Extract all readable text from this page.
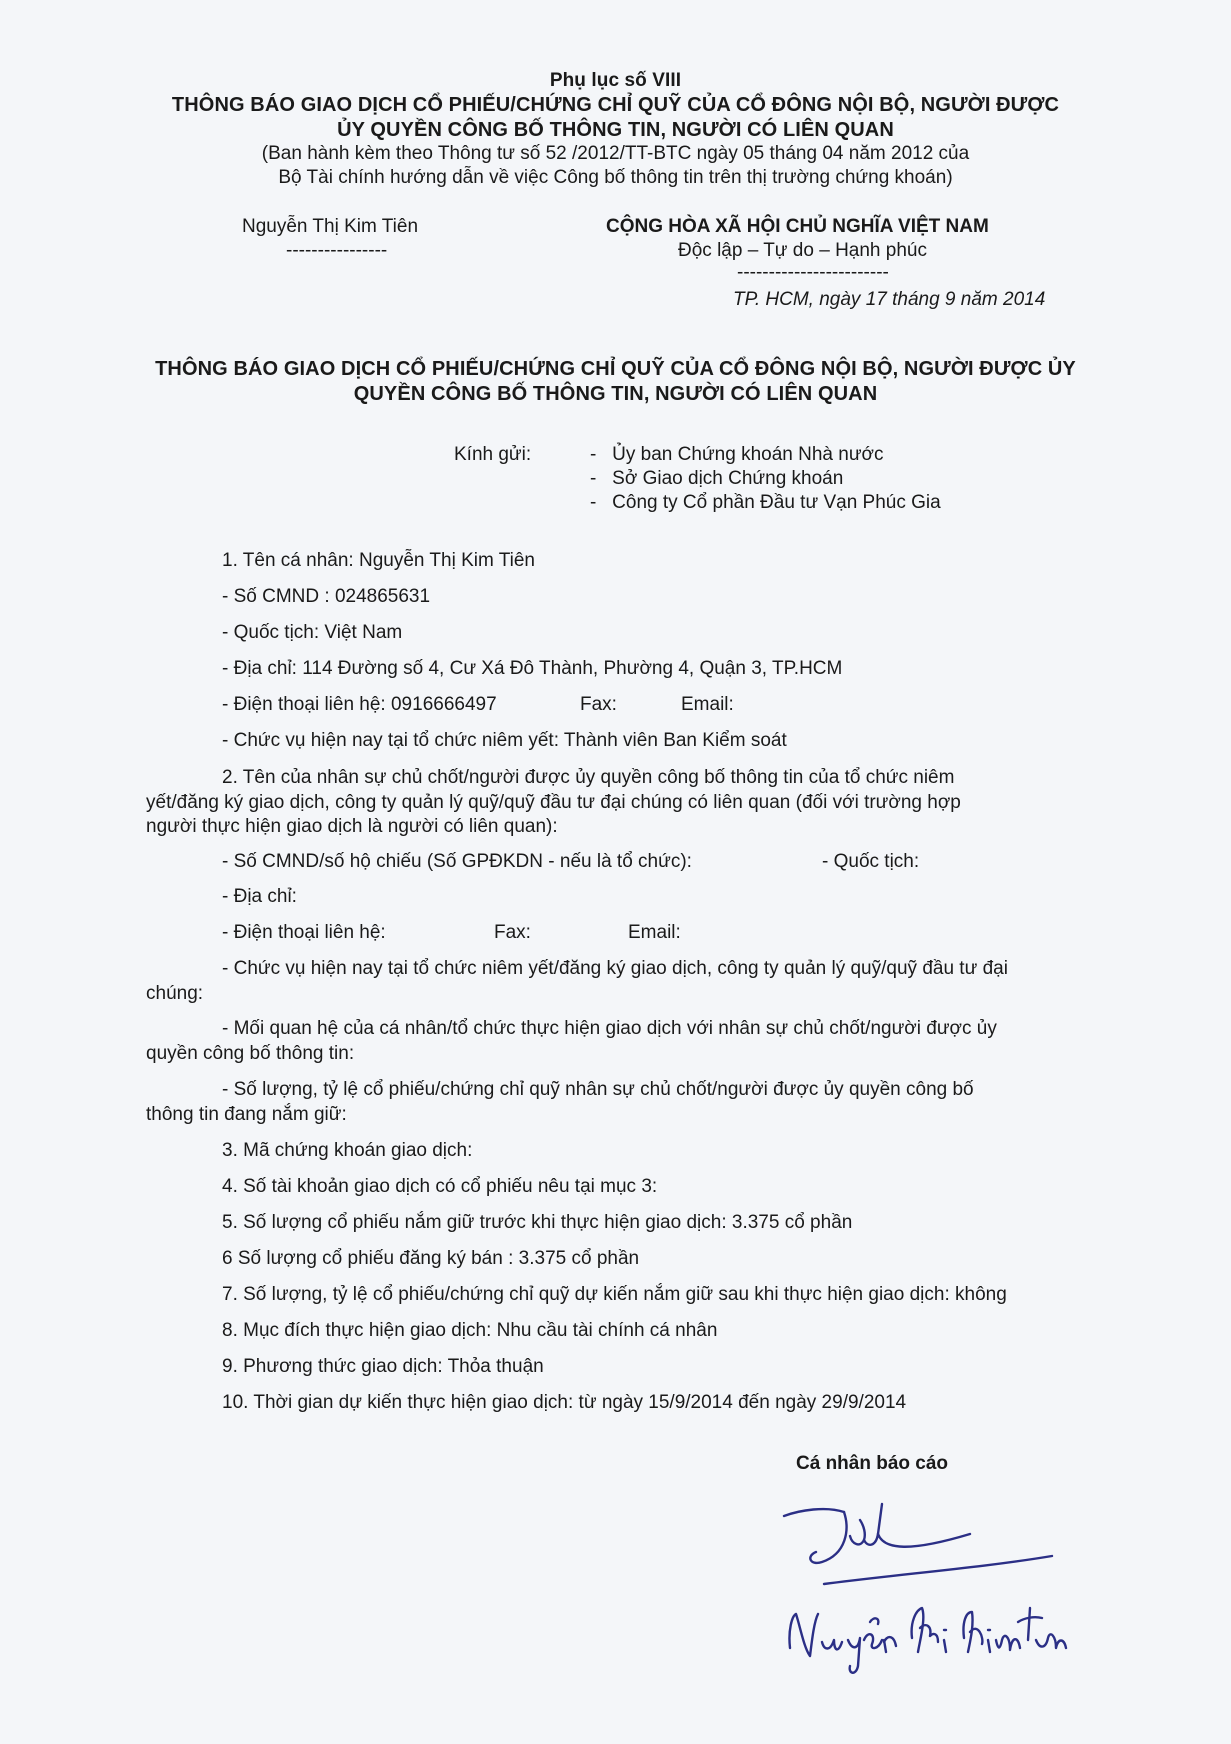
Phụ lục số VIII
THÔNG BÁO GIAO DỊCH CỔ PHIẾU/CHỨNG CHỈ QUỸ CỦA CỔ ĐÔNG NỘI BỘ, NGƯỜI ĐƯỢC
ỦY QUYỀN CÔNG BỐ THÔNG TIN, NGƯỜI CÓ LIÊN QUAN
(Ban hành kèm theo Thông tư số 52 /2012/TT-BTC ngày 05 tháng 04 năm 2012 của
Bộ Tài chính hướng dẫn về việc Công bố thông tin trên thị trường chứng khoán)
Nguyễn Thị Kim Tiên
----------------
CỘNG HÒA XÃ HỘI CHỦ NGHĨA VIỆT NAM
Độc lập – Tự do – Hạnh phúc
------------------------
TP. HCM, ngày 17 tháng 9 năm 2014
THÔNG BÁO GIAO DỊCH CỔ PHIẾU/CHỨNG CHỈ QUỸ CỦA CỔ ĐÔNG NỘI BỘ, NGƯỜI ĐƯỢC ỦY
QUYỀN CÔNG BỐ THÔNG TIN, NGƯỜI CÓ LIÊN QUAN
Kính gửi:	-   Ủy ban Chứng khoán Nhà nước
-   Sở Giao dịch Chứng khoán
-   Công ty Cổ phần Đầu tư Vạn Phúc Gia
1. Tên cá nhân: Nguyễn Thị Kim Tiên
- Số CMND : 024865631
- Quốc tịch: Việt Nam
- Địa chỉ: 114 Đường số 4, Cư Xá Đô Thành, Phường 4, Quận 3, TP.HCM
- Điện thoại liên hệ: 0916666497	Fax:	Email:
- Chức vụ hiện nay tại tổ chức niêm yết: Thành viên Ban Kiểm soát
2. Tên của nhân sự chủ chốt/người được ủy quyền công bố thông tin của tổ chức niêm
yết/đăng ký giao dịch, công ty quản lý quỹ/quỹ đầu tư đại chúng có liên quan (đối với trường hợp
người thực hiện giao dịch là người có liên quan):
- Số CMND/số hộ chiếu (Số GPĐKDN - nếu là tổ chức):	- Quốc tịch:
- Địa chỉ:
- Điện thoại liên hệ:	Fax:	Email:
- Chức vụ hiện nay tại tổ chức niêm yết/đăng ký giao dịch, công ty quản lý quỹ/quỹ đầu tư đại
chúng:
- Mối quan hệ của cá nhân/tổ chức thực hiện giao dịch với nhân sự chủ chốt/người được ủy
quyền công bố thông tin:
- Số lượng, tỷ lệ cổ phiếu/chứng chỉ quỹ nhân sự chủ chốt/người được ủy quyền công bố
thông tin đang nắm giữ:
3. Mã chứng khoán giao dịch:
4. Số tài khoản giao dịch có cổ phiếu nêu tại mục 3:
5. Số lượng cổ phiếu nắm giữ trước khi thực hiện giao dịch: 3.375 cổ phần
6 Số lượng cổ phiếu đăng ký bán : 3.375 cổ phần
7. Số lượng, tỷ lệ cổ phiếu/chứng chỉ quỹ dự kiến nắm giữ sau khi thực hiện giao dịch: không
8. Mục đích thực hiện giao dịch: Nhu cầu tài chính cá nhân
9. Phương thức giao dịch: Thỏa thuận
10. Thời gian dự kiến thực hiện giao dịch: từ ngày 15/9/2014 đến ngày 29/9/2014
Cá nhân báo cáo
